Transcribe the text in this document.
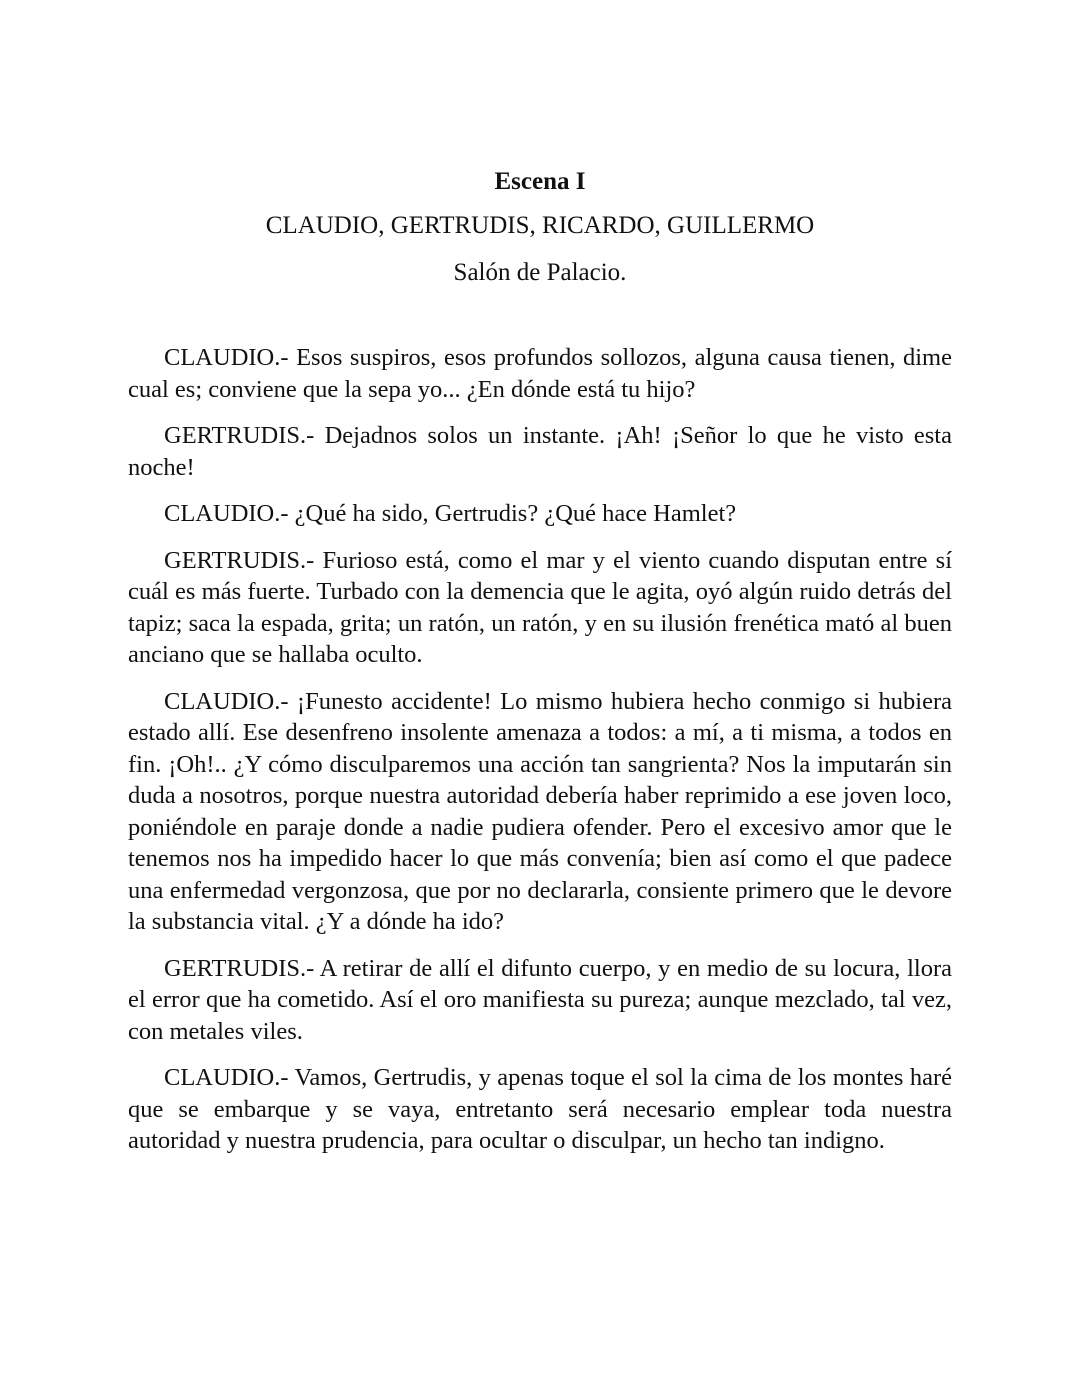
Escena I

CLAUDIO, GERTRUDIS, RICARDO, GUILLERMO

Salón de Palacio.

CLAUDIO.- Esos suspiros, esos profundos sollozos, alguna causa tienen, dime cual es; conviene que la sepa yo... ¿En dónde está tu hijo?

GERTRUDIS.- Dejadnos solos un instante. ¡Ah! ¡Señor lo que he visto esta noche!

CLAUDIO.- ¿Qué ha sido, Gertrudis? ¿Qué hace Hamlet?

GERTRUDIS.- Furioso está, como el mar y el viento cuando disputan entre sí cuál es más fuerte. Turbado con la demencia que le agita, oyó algún ruido detrás del tapiz; saca la espada, grita; un ratón, un ratón, y en su ilusión frenética mató al buen anciano que se hallaba oculto.

CLAUDIO.- ¡Funesto accidente! Lo mismo hubiera hecho conmigo si hubiera estado allí. Ese desenfreno insolente amenaza a todos: a mí, a ti misma, a todos en fin. ¡Oh!.. ¿Y cómo disculparemos una acción tan sangrienta? Nos la imputarán sin duda a nosotros, porque nuestra autoridad debería haber reprimido a ese joven loco, poniéndole en paraje donde a nadie pudiera ofender. Pero el excesivo amor que le tenemos nos ha impedido hacer lo que más convenía; bien así como el que padece una enfermedad vergonzosa, que por no declararla, consiente primero que le devore la substancia vital. ¿Y a dónde ha ido?

GERTRUDIS.- A retirar de allí el difunto cuerpo, y en medio de su locura, llora el error que ha cometido. Así el oro manifiesta su pureza; aunque mezclado, tal vez, con metales viles.

CLAUDIO.- Vamos, Gertrudis, y apenas toque el sol la cima de los montes haré que se embarque y se vaya, entretanto será necesario emplear toda nuestra autoridad y nuestra prudencia, para ocultar o disculpar, un hecho tan indigno.
